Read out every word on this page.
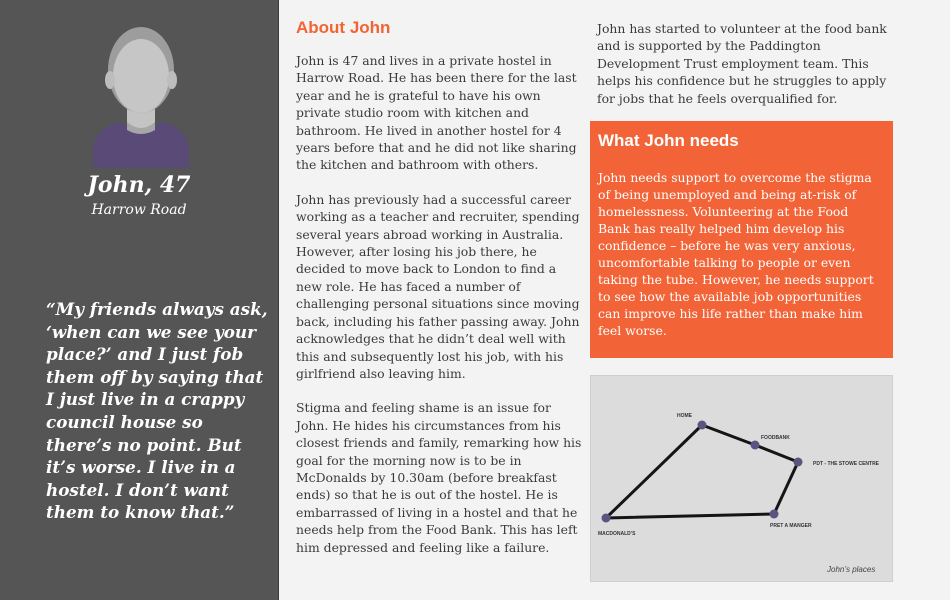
John, 47
Harrow Road

“My friends always ask, ‘when can we see your place?’ and I just fob them off by saying that I just live in a crappy council house so there’s no point. But it’s worse. I live in a hostel. I don’t want them to know that.”

About John

John is 47 and lives in a private hostel in Harrow Road. He has been there for the last year and he is grateful to have his own private studio room with kitchen and bathroom. He lived in another hostel for 4 years before that and he did not like sharing the kitchen and bathroom with others.

John has previously had a successful career working as a teacher and recruiter, spending several years abroad working in Australia. However, after losing his job there, he decided to move back to London to find a new role. He has faced a number of challenging personal situations since moving back, including his father passing away. John acknowledges that he didn’t deal well with this and subsequently lost his job, with his girlfriend also leaving him.

Stigma and feeling shame is an issue for John. He hides his circumstances from his closest friends and family, remarking how his goal for the morning now is to be in McDonalds by 10.30am (before breakfast ends) so that he is out of the hostel. He is embarrassed of living in a hostel and that he needs help from the Food Bank. This has left him depressed and feeling like a failure.

John has started to volunteer at the food bank and is supported by the Paddington Development Trust employment team. This helps his confidence but he struggles to apply for jobs that he feels overqualified for.

What John needs

John needs support to overcome the stigma of being unemployed and being at-risk of homelessness. Volunteering at the Food Bank has really helped him develop his confidence – before he was very anxious, uncomfortable talking to people or even taking the tube. However, he needs support to see how the available job opportunities can improve his life rather than make him feel worse.

HOME
FOODBANK
PDT - THE STOWE CENTRE
PRET A MANGER
MACDONALD’S
John’s places
